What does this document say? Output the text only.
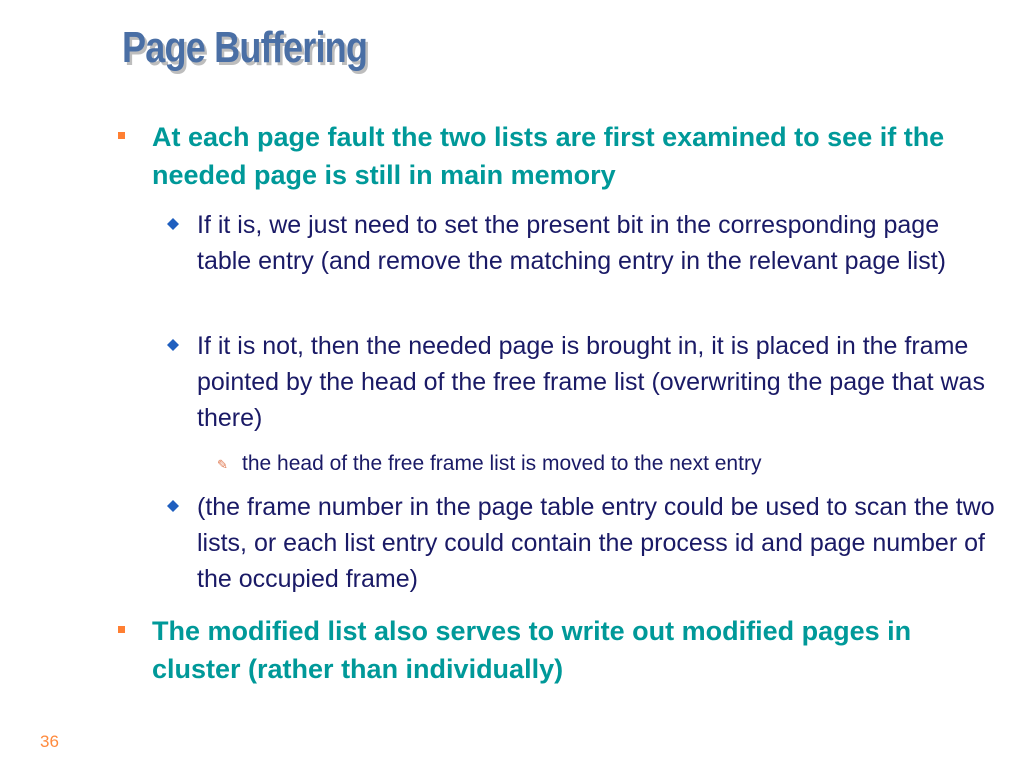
Page Buffering
At each page fault the two lists are first examined to see if the needed page is still in main memory
If it is, we just need to set the present bit in the corresponding page table entry (and remove the matching entry in the relevant page list)
If it is not, then the needed page is brought in, it is placed in the frame pointed by the head of the free frame list (overwriting the page that was there)
✎ the head of the free frame list is moved to the next entry
(the frame number in the page table entry could be used to scan the two lists, or each list entry could contain the process id and page number of the occupied frame)
The modified list also serves to write out modified pages in cluster (rather than individually)
36
